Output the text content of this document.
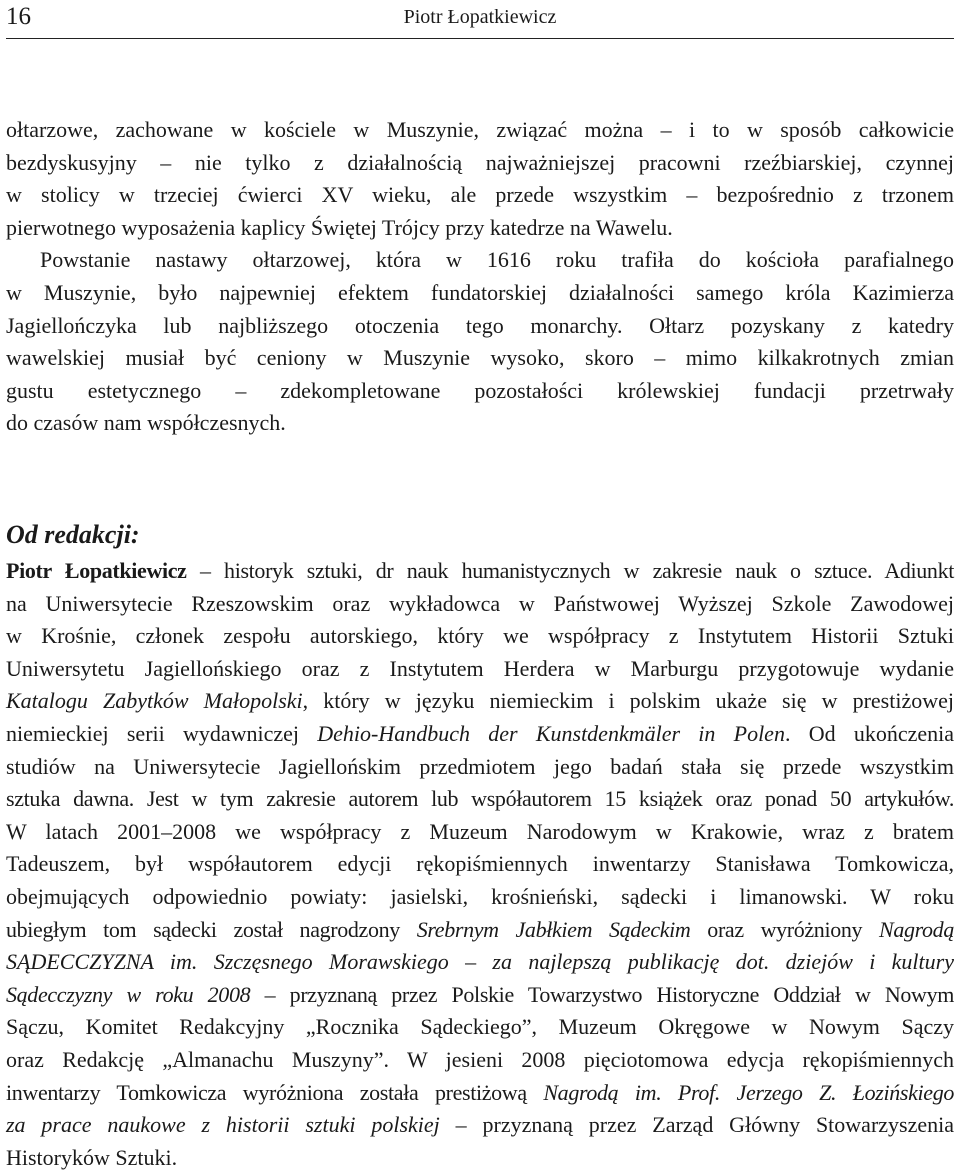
16	Piotr Łopatkiewicz
ołtarzowe, zachowane w kościele w Muszynie, związać można – i to w sposób całkowicie
bezdyskusyjny – nie tylko z działalnością najważniejszej pracowni rzeźbiarskiej, czynnej
w stolicy w trzeciej ćwierci XV wieku, ale przede wszystkim – bezpośrednio z trzonem
pierwotnego wyposażenia kaplicy Świętej Trójcy przy katedrze na Wawelu.
Powstanie nastawy ołtarzowej, która w 1616 roku trafiła do kościoła parafialnego
w Muszynie, było najpewniej efektem fundatorskiej działalności samego króla Kazimierza
Jagiellończyka lub najbliższego otoczenia tego monarchy. Ołtarz pozyskany z katedry
wawelskiej musiał być ceniony w Muszynie wysoko, skoro – mimo kilkakrotnych zmian
gustu estetycznego – zdekompletowane pozostałości królewskiej fundacji przetrwały
do czasów nam współczesnych.
Od redakcji:
Piotr Łopatkiewicz – historyk sztuki, dr nauk humanistycznych w zakresie nauk o sztuce. Adiunkt
na Uniwersytecie Rzeszowskim oraz wykładowca w Państwowej Wyższej Szkole Zawodowej
w Krośnie, członek zespołu autorskiego, który we współpracy z Instytutem Historii Sztuki
Uniwersytetu Jagiellońskiego oraz z Instytutem Herdera w Marburgu przygotowuje wydanie
Katalogu Zabytków Małopolski, który w języku niemieckim i polskim ukaże się w prestiżowej
niemieckiej serii wydawniczej Dehio-Handbuch der Kunstdenkmäler in Polen. Od ukończenia
studiów na Uniwersytecie Jagiellońskim przedmiotem jego badań stała się przede wszystkim
sztuka dawna. Jest w tym zakresie autorem lub współautorem 15 książek oraz ponad 50 artykułów.
W latach 2001–2008 we współpracy z Muzeum Narodowym w Krakowie, wraz z bratem
Tadeuszem, był współautorem edycji rękopiśmiennych inwentarzy Stanisława Tomkowicza,
obejmujących odpowiednio powiaty: jasielski, krośnieński, sądecki i limanowski. W roku
ubiegłym tom sądecki został nagrodzony Srebrnym Jabłkiem Sądeckim oraz wyróżniony Nagrodą
SĄDECCZYZNA im. Szczęsnego Morawskiego – za najlepszą publikację dot. dziejów i kultury
Sądecczyzny w roku 2008 – przyznaną przez Polskie Towarzystwo Historyczne Oddział w Nowym
Sączu, Komitet Redakcyjny „Rocznika Sądeckiego”, Muzeum Okręgowe w Nowym Sączy
oraz Redakcję „Almanachu Muszyny”. W jesieni 2008 pięciotomowa edycja rękopiśmiennych
inwentarzy Tomkowicza wyróżniona została prestiżową Nagrodą im. Prof. Jerzego Z. Łozińskiego
za prace naukowe z historii sztuki polskiej – przyznaną przez Zarząd Główny Stowarzyszenia
Historyków Sztuki.
